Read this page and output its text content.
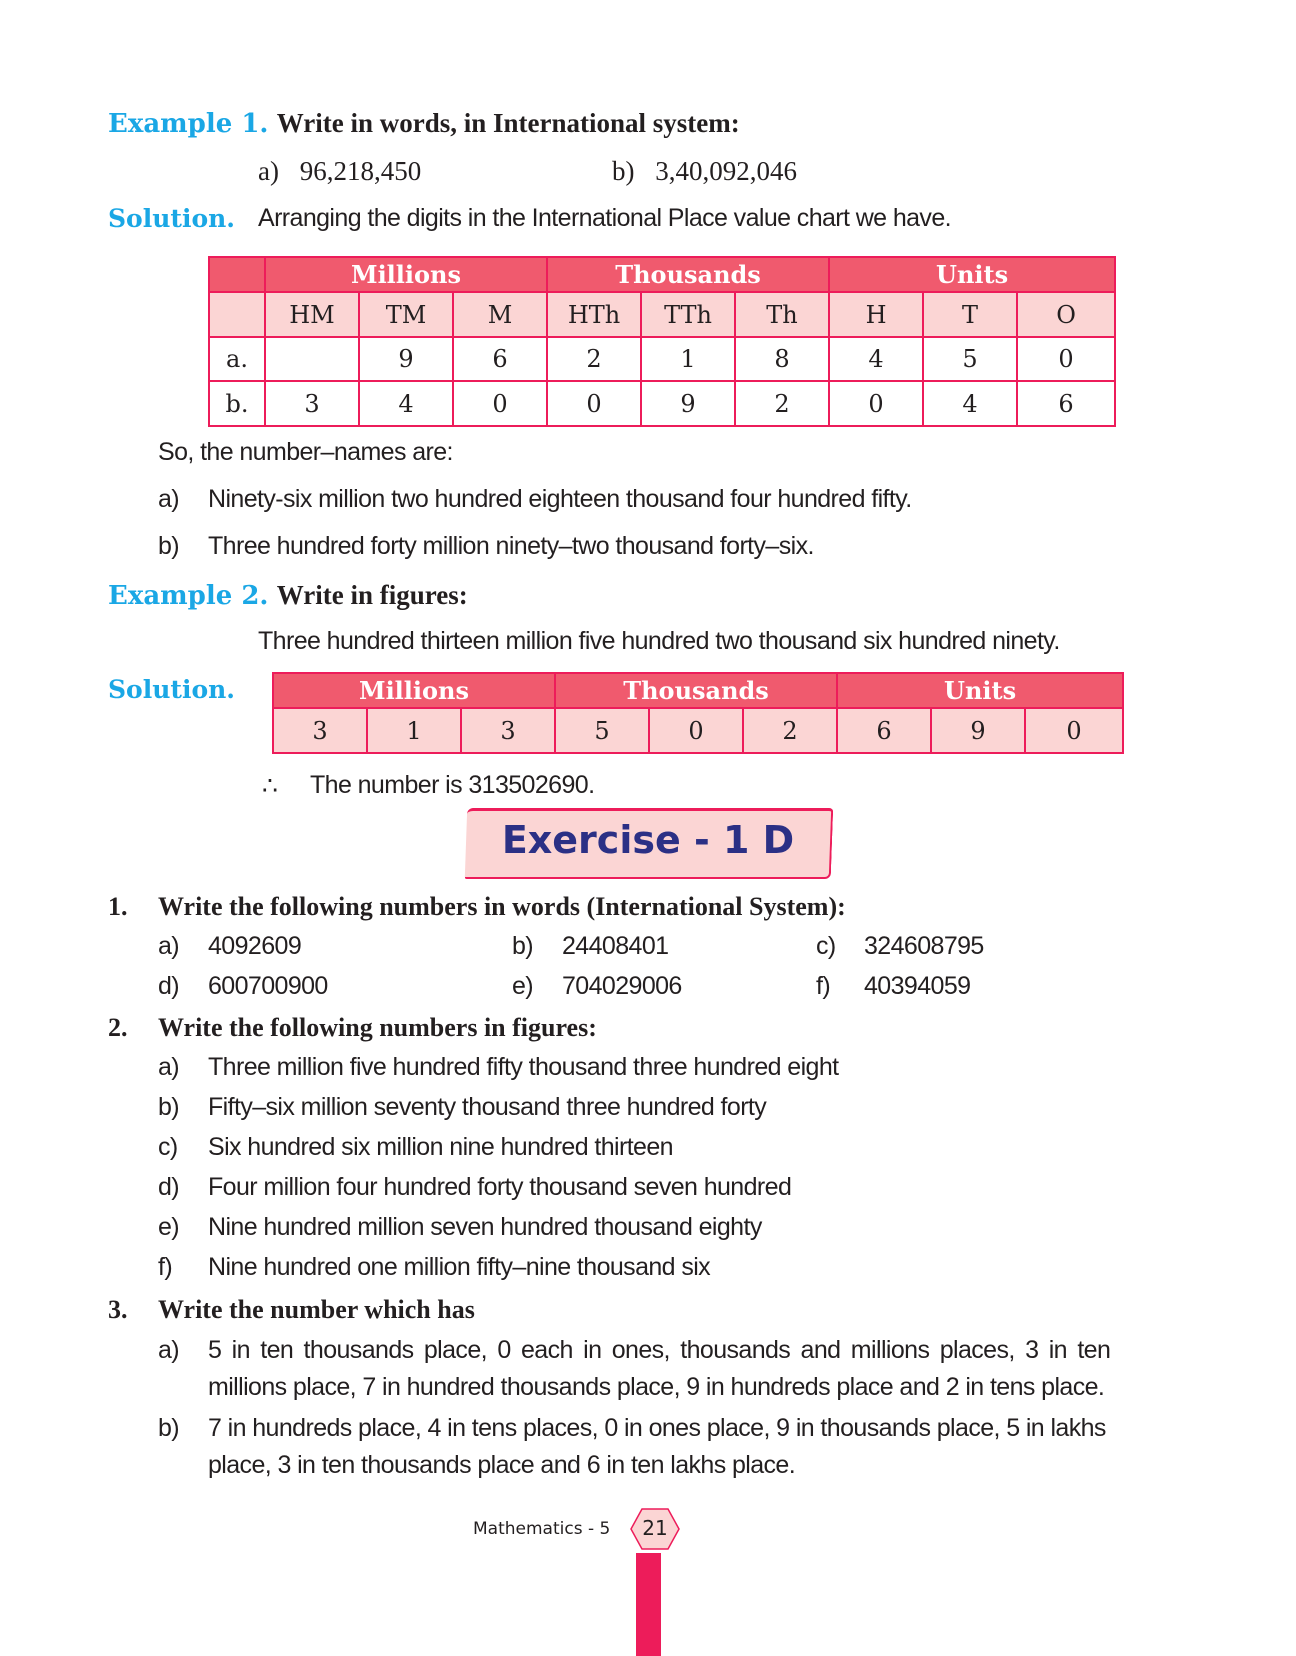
Example 1. Write in words, in International system:
a) 96,218,450	b) 3,40,092,046
Solution. Arranging the digits in the International Place value chart we have.
	Millions			Thousands			Units		
	HM	TM	M	HTh	TTh	Th	H	T	O
a.		9	6	2	1	8	4	5	0
b.	3	4	0	0	9	2	0	4	6
So, the number–names are:
a) Ninety-six million two hundred eighteen thousand four hundred fifty.
b) Three hundred forty million ninety–two thousand forty–six.
Example 2. Write in figures:
Three hundred thirteen million five hundred two thousand six hundred ninety.
Solution.	Millions			Thousands			Units		
3	1	3	5	0	2	6	9	0
∴ The number is 313502690.
Exercise - 1 D
1. Write the following numbers in words (International System):
a) 4092609	b) 24408401	c) 324608795
d) 600700900	e) 704029006	f) 40394059
2. Write the following numbers in figures:
a) Three million five hundred fifty thousand three hundred eight
b) Fifty–six million seventy thousand three hundred forty
c) Six hundred six million nine hundred thirteen
d) Four million four hundred forty thousand seven hundred
e) Nine hundred million seven hundred thousand eighty
f) Nine hundred one million fifty–nine thousand six
3. Write the number which has
a) 5 in ten thousands place, 0 each in ones, thousands and millions places, 3 in ten
millions place, 7 in hundred thousands place, 9 in hundreds place and 2 in tens place.
b) 7 in hundreds place, 4 in tens places, 0 in ones place, 9 in thousands place, 5 in lakhs
place, 3 in ten thousands place and 6 in ten lakhs place.
Mathematics - 5	21
